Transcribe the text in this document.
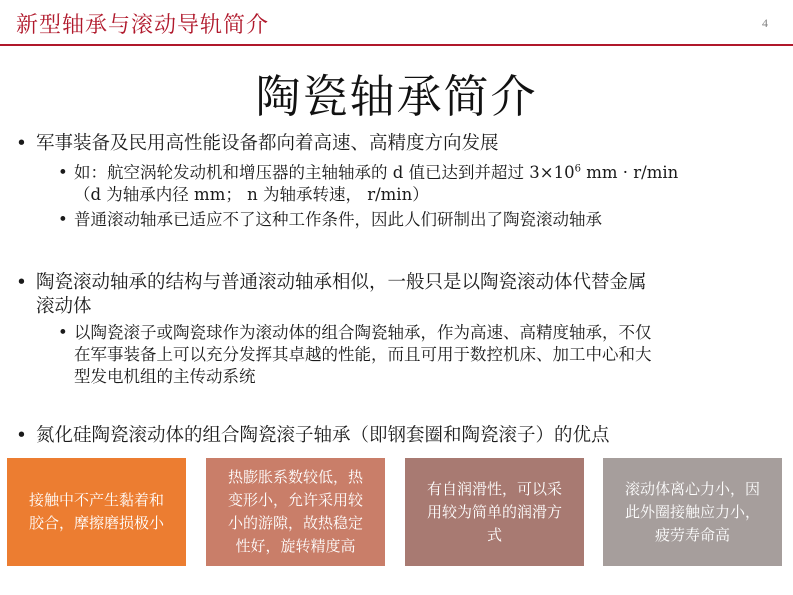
新型轴承与滚动导轨简介	4
陶瓷轴承简介
• 军事装备及民用高性能设备都向着高速、高精度方向发展
• 如：航空涡轮发动机和增压器的主轴轴承的 d 值已达到并超过 $3\times 10^6$ mm · r/min
（d 为轴承内径 mm； n 为轴承转速， r/min）
• 普通滚动轴承已适应不了这种工作条件，因此人们研制出了陶瓷滚动轴承
• 陶瓷滚动轴承的结构与普通滚动轴承相似，一般只是以陶瓷滚动体代替金属
滚动体
• 以陶瓷滚子或陶瓷球作为滚动体的组合陶瓷轴承，作为高速、高精度轴承，不仅
在军事装备上可以充分发挥其卓越的性能，而且可用于数控机床、加工中心和大
型发电机组的主传动系统
• 氮化硅陶瓷滚动体的组合陶瓷滚子轴承（即钢套圈和陶瓷滚子）的优点
接触中不产生黏着和
胶合，摩擦磨损极小
热膨胀系数较低，热
变形小，允许采用较
小的游隙，故热稳定
性好，旋转精度高
有自润滑性，可以采
用较为简单的润滑方
式
滚动体离心力小，因
此外圈接触应力小，
疲劳寿命高
